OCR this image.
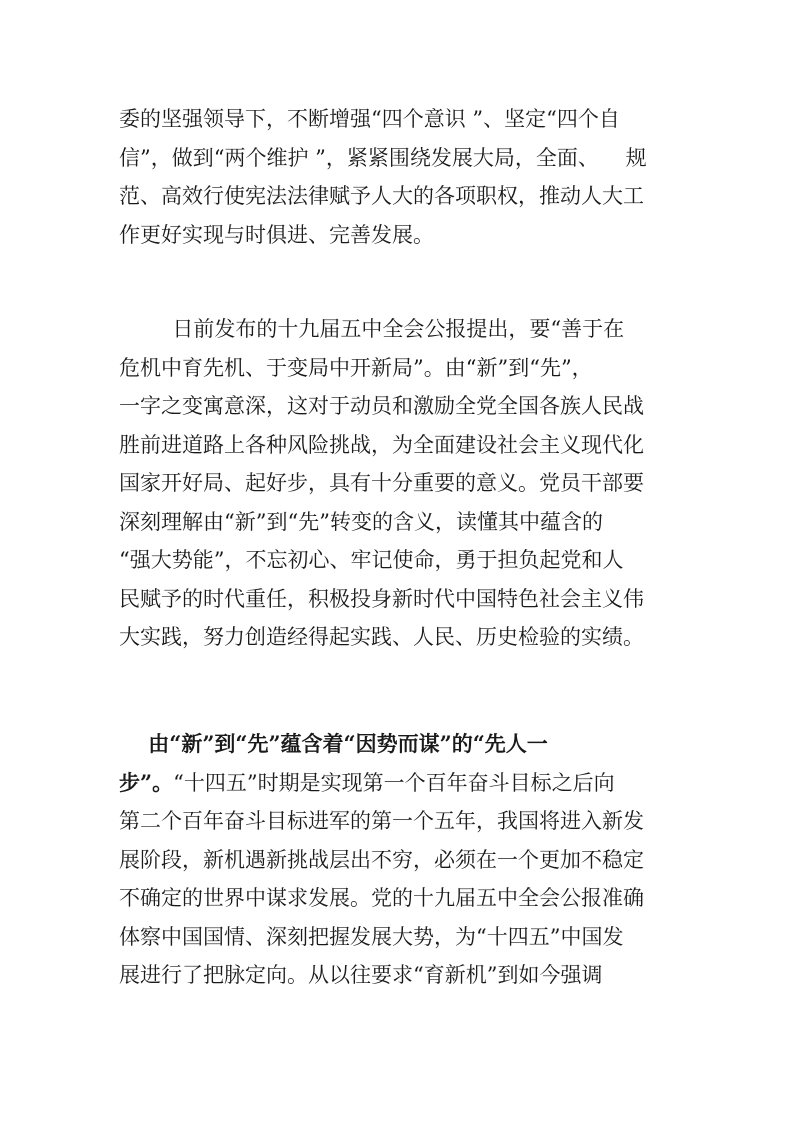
委的坚强领导下，不断增强“四个意识 ”、坚定“四个自
信”，做到“两个维护 ”，紧紧围绕发展大局，全面、    规
范、高效行使宪法法律赋予人大的各项职权，推动人大工
作更好实现与时俱进、完善发展。
日前发布的十九届五中全会公报提出，要“善于在
危机中育先机、于变局中开新局”。由“新”到“先”，
一字之变寓意深，这对于动员和激励全党全国各族人民战
胜前进道路上各种风险挑战，为全面建设社会主义现代化
国家开好局、起好步，具有十分重要的意义。党员干部要
深刻理解由“新”到“先”转变的含义，读懂其中蕴含的
“强大势能”，不忘初心、牢记使命，勇于担负起党和人
民赋予的时代重任，积极投身新时代中国特色社会主义伟
大实践，努力创造经得起实践、人民、历史检验的实绩。
由“新”到“先”蕴含着“因势而谋”的“先人一
步”。“十四五”时期是实现第一个百年奋斗目标之后向
第二个百年奋斗目标进军的第一个五年，我国将进入新发
展阶段，新机遇新挑战层出不穷，必须在一个更加不稳定
不确定的世界中谋求发展。党的十九届五中全会公报准确
体察中国国情、深刻把握发展大势，为“十四五”中国发
展进行了把脉定向。从以往要求“育新机”到如今强调
